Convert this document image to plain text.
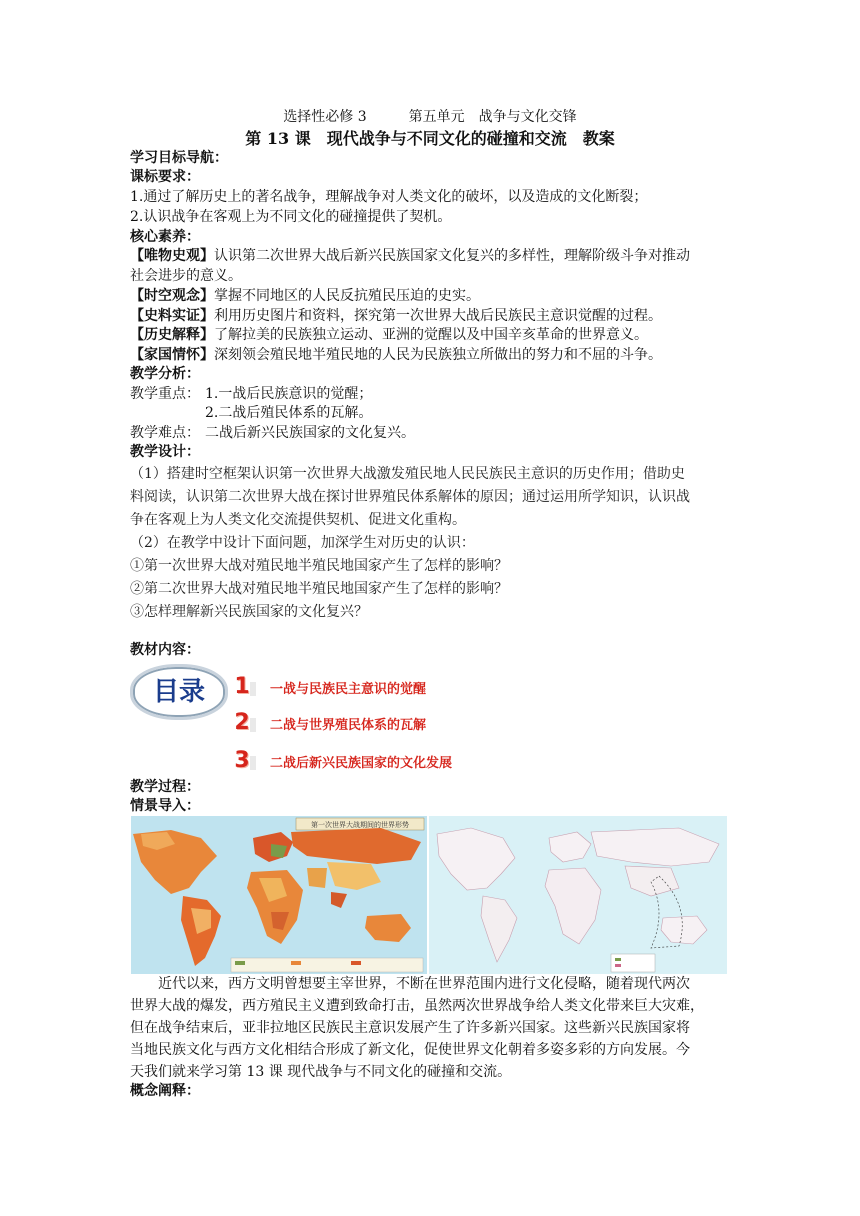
选择性必修 3　　　第五单元　战争与文化交锋
第 13 课　现代战争与不同文化的碰撞和交流　教案
学习目标导航：
课标要求：
1.通过了解历史上的著名战争，理解战争对人类文化的破坏，以及造成的文化断裂；
2.认识战争在客观上为不同文化的碰撞提供了契机。
核心素养：
【唯物史观】认识第二次世界大战后新兴民族国家文化复兴的多样性，理解阶级斗争对推动
社会进步的意义。
【时空观念】掌握不同地区的人民反抗殖民压迫的史实。
【史料实证】利用历史图片和资料，探究第一次世界大战后民族民主意识觉醒的过程。
【历史解释】了解拉美的民族独立运动、亚洲的觉醒以及中国辛亥革命的世界意义。
【家国情怀】深刻领会殖民地半殖民地的人民为民族独立所做出的努力和不屈的斗争。
教学分析：
教学重点： 1.一战后民族意识的觉醒；
2.二战后殖民体系的瓦解。
教学难点： 二战后新兴民族国家的文化复兴。
教学设计：
（1）搭建时空框架认识第一次世界大战激发殖民地人民民族民主意识的历史作用；借助史
料阅读，认识第二次世界大战在探讨世界殖民体系解体的原因；通过运用所学知识，认识战
争在客观上为人类文化交流提供契机、促进文化重构。
（2）在教学中设计下面问题，加深学生对历史的认识：
①第一次世界大战对殖民地半殖民地国家产生了怎样的影响？
②第二次世界大战对殖民地半殖民地国家产生了怎样的影响？
③怎样理解新兴民族国家的文化复兴？
教材内容：
目录	1	一战与民族民主意识的觉醒
2	二战与世界殖民体系的瓦解
3	二战后新兴民族国家的文化发展
教学过程：
情景导入：
第一次世界大战期间的世界形势
近代以来，西方文明曾想要主宰世界，不断在世界范围内进行文化侵略，随着现代两次
世界大战的爆发，西方殖民主义遭到致命打击，虽然两次世界战争给人类文化带来巨大灾难，
但在战争结束后，亚非拉地区民族民主意识发展产生了许多新兴国家。这些新兴民族国家将
当地民族文化与西方文化相结合形成了新文化，促使世界文化朝着多姿多彩的方向发展。今
天我们就来学习第 13 课 现代战争与不同文化的碰撞和交流。
概念阐释：
